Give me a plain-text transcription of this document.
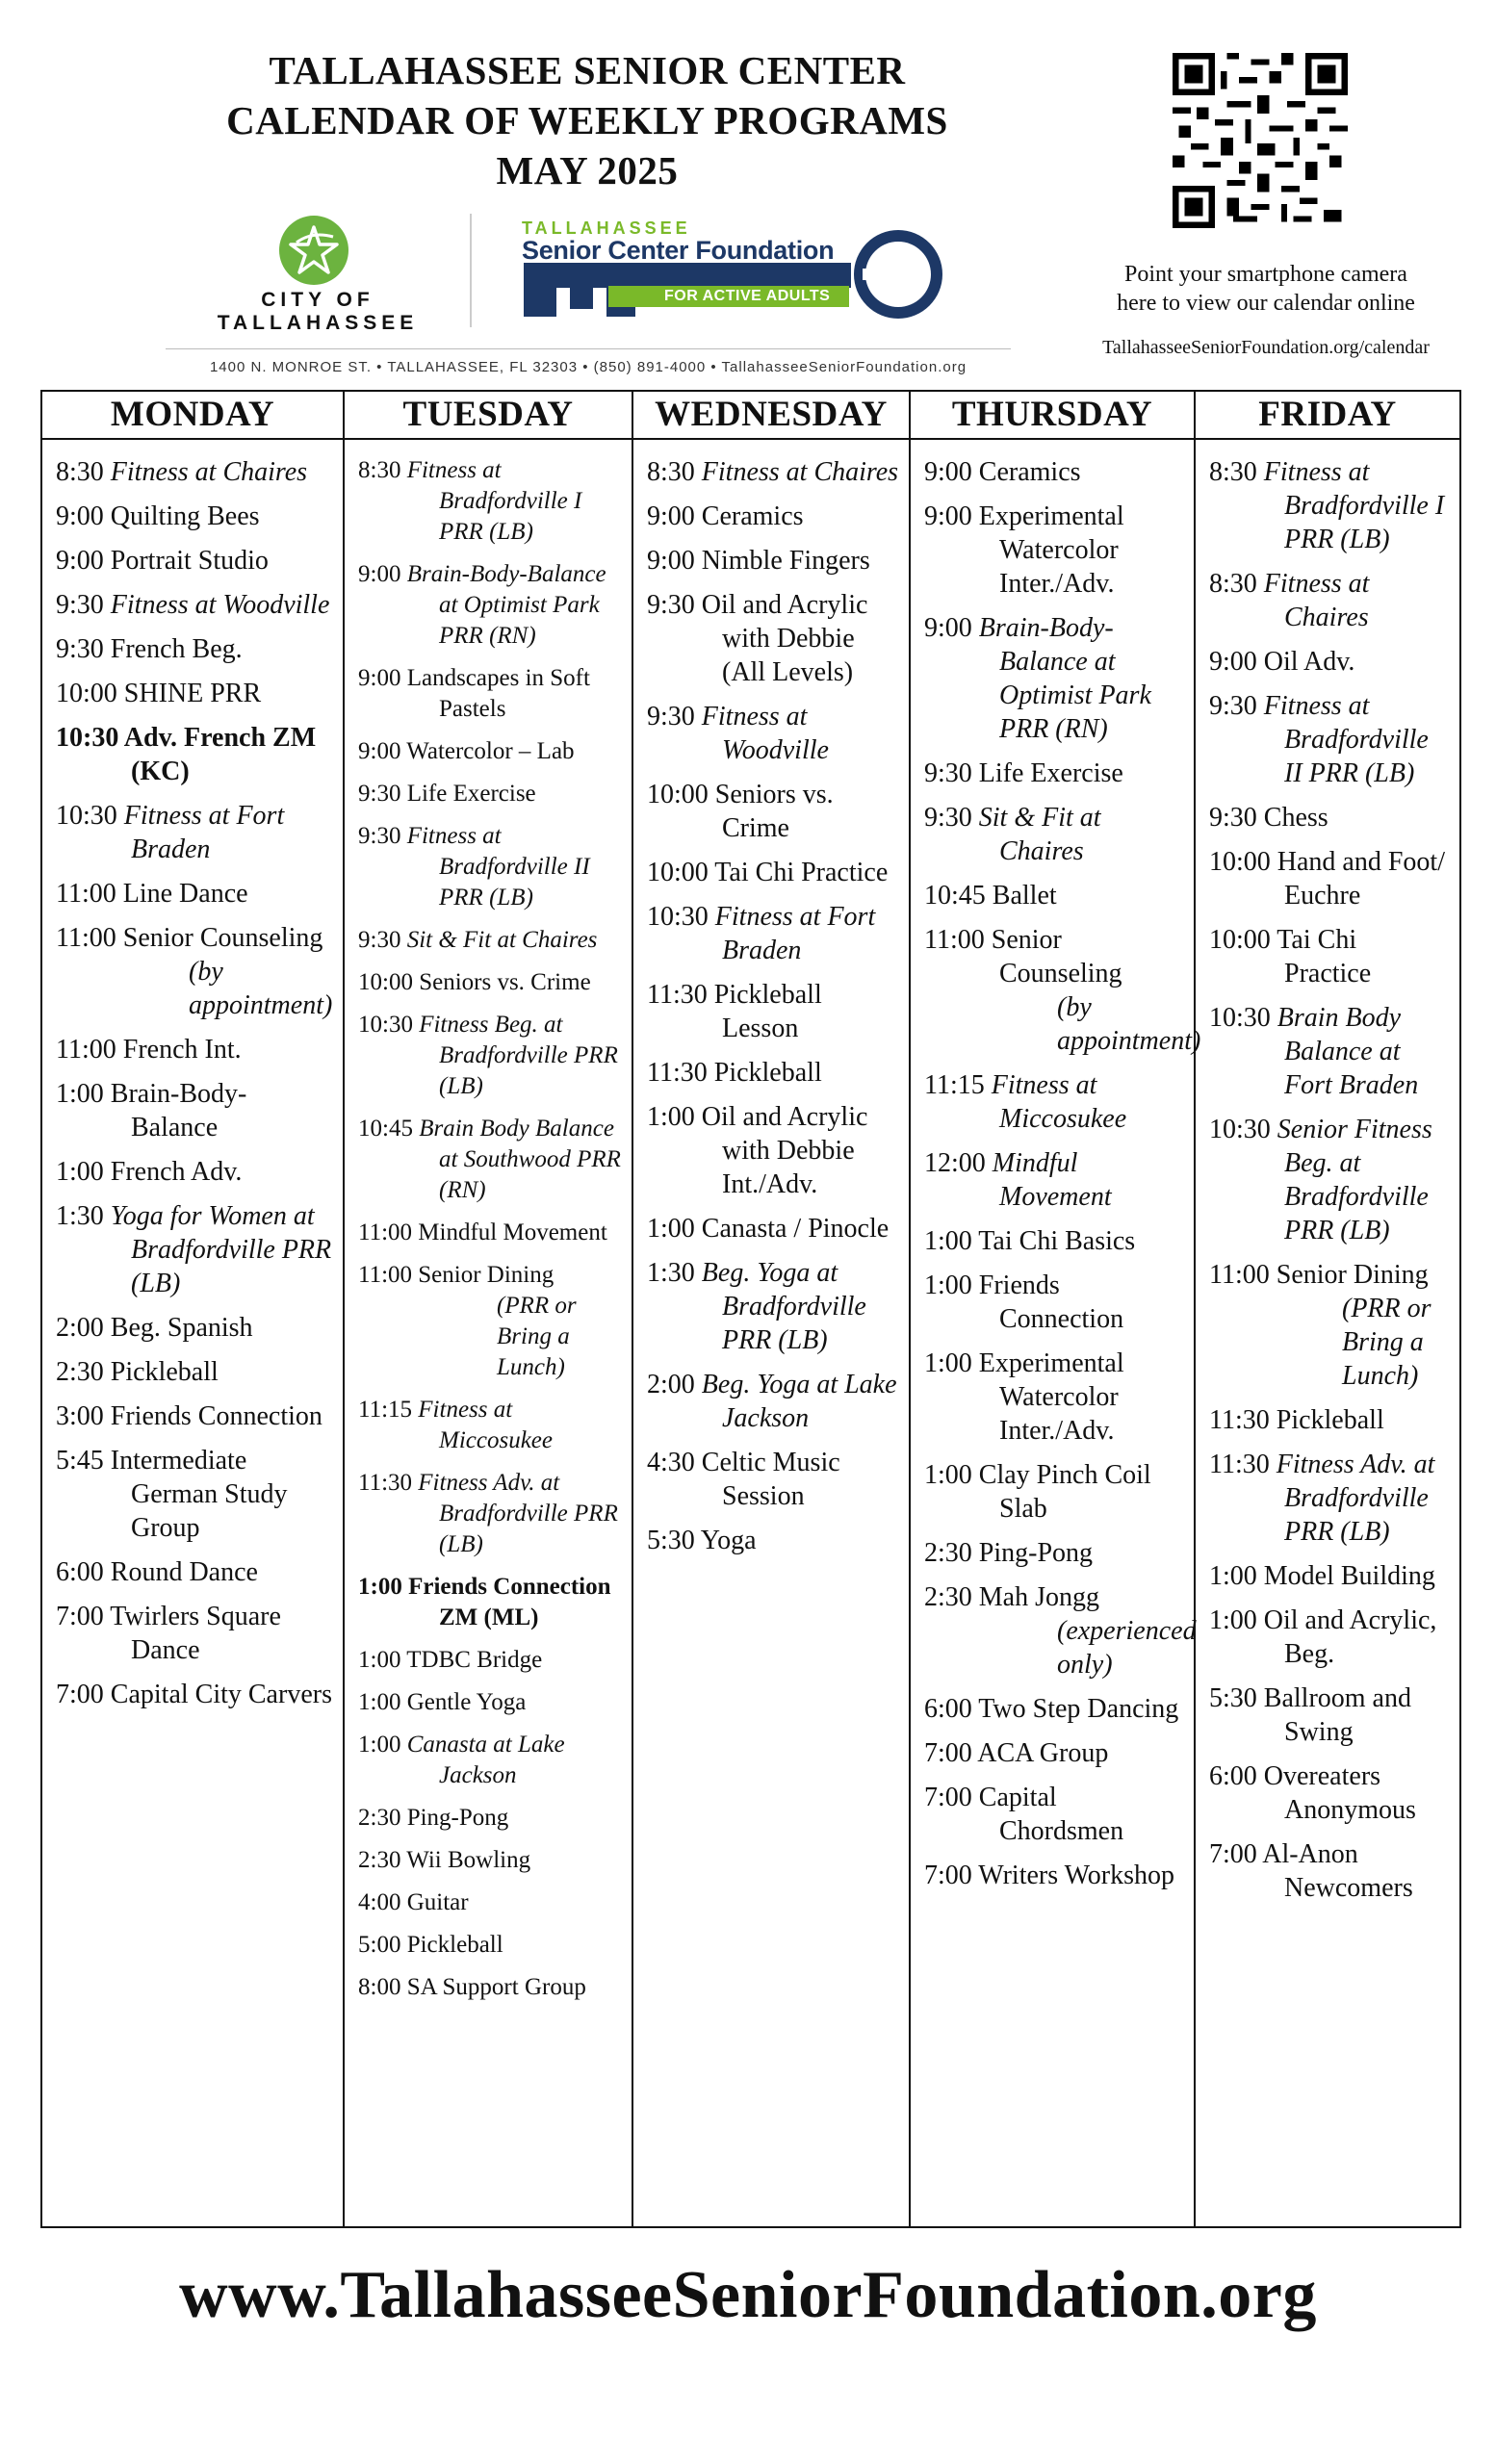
TALLAHASSEE SENIOR CENTER
CALENDAR OF WEEKLY PROGRAMS
MAY 2025
Point your smartphone camera
here to view our calendar online
TallahasseeSeniorFoundation.org/calendar
CITY OF
TALLAHASSEE
TALLAHASSEE
Senior Center Foundation
FOR ACTIVE ADULTS
1400 N. MONROE ST. • TALLAHASSEE, FL 32303 • (850) 891-4000 • TallahasseeSeniorFoundation.org
MONDAY
8:30 Fitness at Chaires
9:00 Quilting Bees
9:00 Portrait Studio
9:30 Fitness at Woodville
9:30 French Beg.
10:00 SHINE PRR
10:30 Adv. French ZM (KC)
10:30 Fitness at Fort Braden
11:00 Line Dance
11:00 Senior Counseling
(by appointment)
11:00 French Int.
1:00 Brain-Body-Balance
1:00 French Adv.
1:30 Yoga for Women at Bradfordville PRR (LB)
2:00 Beg. Spanish
2:30 Pickleball
3:00 Friends Connection
5:45 Intermediate German Study Group
6:00 Round Dance
7:00 Twirlers Square Dance
7:00 Capital City Carvers
TUESDAY
8:30 Fitness at Bradfordville I PRR (LB)
9:00 Brain-Body-Balance at Optimist Park PRR (RN)
9:00 Landscapes in Soft Pastels
9:00 Watercolor – Lab
9:30 Life Exercise
9:30 Fitness at Bradfordville II PRR (LB)
9:30 Sit & Fit at Chaires
10:00 Seniors vs. Crime
10:30 Fitness Beg. at Bradfordville PRR (LB)
10:45 Brain Body Balance at Southwood PRR (RN)
11:00 Mindful Movement
11:00 Senior Dining
(PRR or Bring a Lunch)
11:15 Fitness at Miccosukee
11:30 Fitness Adv. at Bradfordville PRR (LB)
1:00 Friends Connection ZM (ML)
1:00 TDBC Bridge
1:00 Gentle Yoga
1:00 Canasta at Lake Jackson
2:30 Ping-Pong
2:30 Wii Bowling
4:00 Guitar
5:00 Pickleball
8:00 SA Support Group
WEDNESDAY
8:30 Fitness at Chaires
9:00 Ceramics
9:00 Nimble Fingers
9:30 Oil and Acrylic with Debbie (All Levels)
9:30 Fitness at Woodville
10:00 Seniors vs. Crime
10:00 Tai Chi Practice
10:30 Fitness at Fort Braden
11:30 Pickleball Lesson
11:30 Pickleball
1:00 Oil and Acrylic with Debbie Int./Adv.
1:00 Canasta / Pinocle
1:30 Beg. Yoga at Bradfordville PRR (LB)
2:00 Beg. Yoga at Lake Jackson
4:30 Celtic Music Session
5:30 Yoga
THURSDAY
9:00 Ceramics
9:00 Experimental Watercolor Inter./Adv.
9:00 Brain-Body-Balance at Optimist Park PRR (RN)
9:30 Life Exercise
9:30 Sit & Fit at Chaires
10:45 Ballet
11:00 Senior Counseling
(by appointment)
11:15 Fitness at Miccosukee
12:00 Mindful Movement
1:00 Tai Chi Basics
1:00 Friends Connection
1:00 Experimental Watercolor Inter./Adv.
1:00 Clay Pinch Coil Slab
2:30 Ping-Pong
2:30 Mah Jongg
(experienced only)
6:00 Two Step Dancing
7:00 ACA Group
7:00 Capital Chordsmen
7:00 Writers Workshop
FRIDAY
8:30 Fitness at Bradfordville I PRR (LB)
8:30 Fitness at Chaires
9:00 Oil Adv.
9:30 Fitness at Bradfordville II PRR (LB)
9:30 Chess
10:00 Hand and Foot/ Euchre
10:00 Tai Chi Practice
10:30 Brain Body Balance at Fort Braden
10:30 Senior Fitness Beg. at Bradfordville PRR (LB)
11:00 Senior Dining
(PRR or Bring a Lunch)
11:30 Pickleball
11:30 Fitness Adv. at Bradfordville PRR (LB)
1:00 Model Building
1:00 Oil and Acrylic, Beg.
5:30 Ballroom and Swing
6:00 Overeaters Anonymous
7:00 Al-Anon Newcomers
www.TallahasseeSeniorFoundation.org
